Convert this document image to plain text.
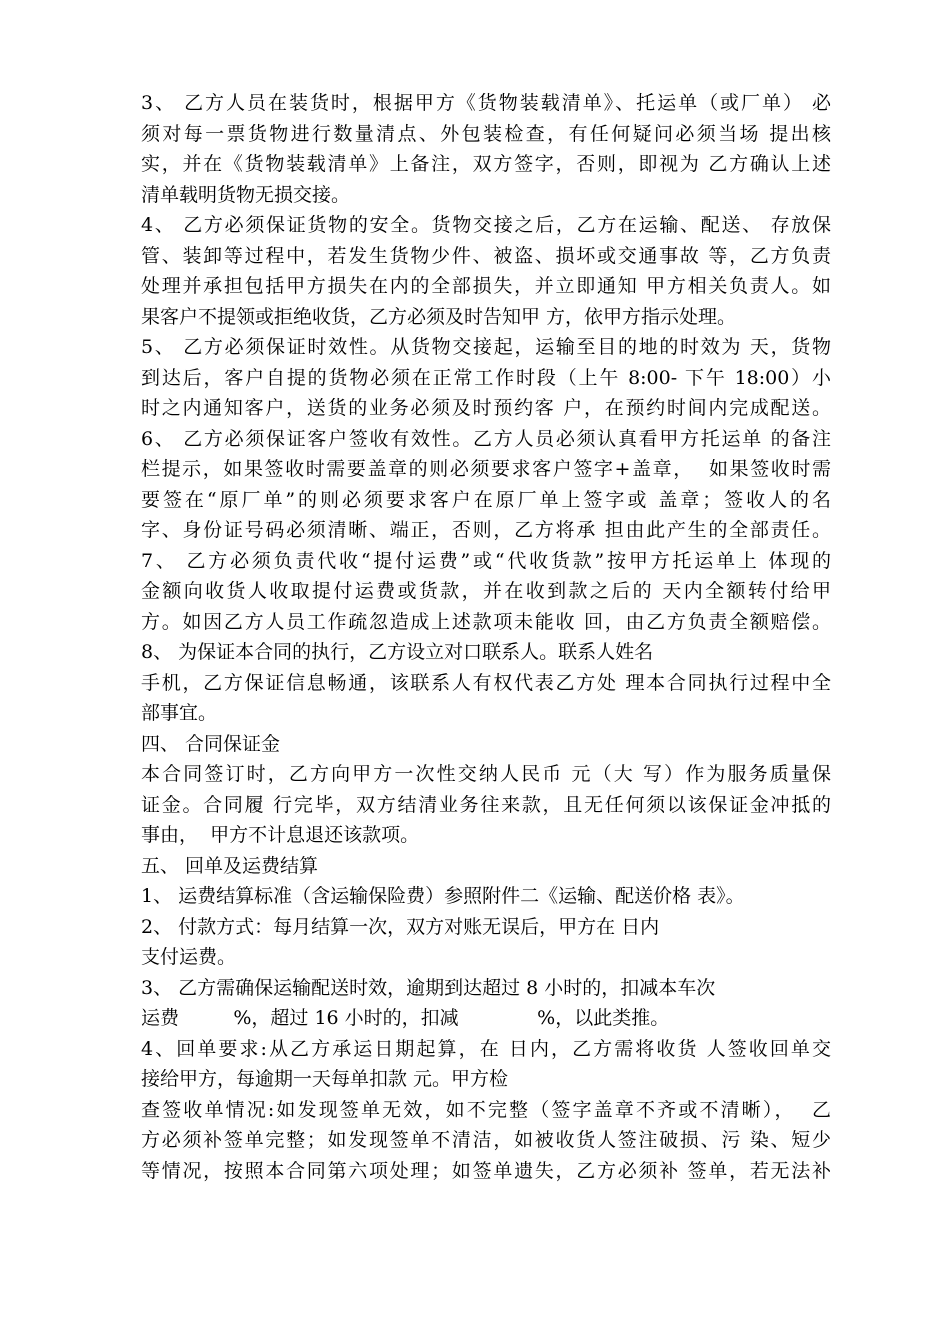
3、 乙方人员在装货时，根据甲方《货物装载清单》、托运单（或厂单） 必
须对每一票货物进行数量清点、外包装检查，有任何疑问必须当场 提出核
实，并在《货物装载清单》上备注，双方签字，否则，即视为 乙方确认上述
清单载明货物无损交接。
4、 乙方必须保证货物的安全。货物交接之后，乙方在运输、配送、 存放保
管、装卸等过程中，若发生货物少件、被盗、损坏或交通事故 等，乙方负责
处理并承担包括甲方损失在内的全部损失，并立即通知 甲方相关负责人。如
果客户不提领或拒绝收货，乙方必须及时告知甲 方，依甲方指示处理。
5、 乙方必须保证时效性。从货物交接起，运输至目的地的时效为 天，货物
到达后，客户自提的货物必须在正常工作时段（上午 8:00- 下午 18:00）小
时之内通知客户，送货的业务必须及时预约客 户，在预约时间内完成配送。
6、 乙方必须保证客户签收有效性。乙方人员必须认真看甲方托运单 的备注
栏提示，如果签收时需要盖章的则必须要求客户签字+盖章，  如果签收时需
要签在“原厂单”的则必须要求客户在原厂单上签字或 盖章；签收人的名
字、身份证号码必须清晰、端正，否则，乙方将承 担由此产生的全部责任。
7、 乙方必须负责代收“提付运费”或“代收货款”按甲方托运单上 体现的
金额向收货人收取提付运费或货款，并在收到款之后的 天内全额转付给甲
方。如因乙方人员工作疏忽造成上述款项未能收 回，由乙方负责全额赔偿。
8、 为保证本合同的执行，乙方设立对口联系人。联系人姓名
手机，乙方保证信息畅通，该联系人有权代表乙方处 理本合同执行过程中全
部事宜。
四、 合同保证金
本合同签订时，乙方向甲方一次性交纳人民币 元（大 写）作为服务质量保
证金。合同履 行完毕，双方结清业务往来款，且无任何须以该保证金冲抵的
事由，  甲方不计息退还该款项。
五、 回单及运费结算
1、 运费结算标准（含运输保险费）参照附件二《运输、配送价格 表》。
2、 付款方式：每月结算一次，双方对账无误后，甲方在 日内
支付运费。
3、 乙方需确保运输配送时效，逾期到达超过 8 小时的，扣减本车次
运费         %，超过 16 小时的，扣减             %，以此类推。
4、回单要求:从乙方承运日期起算，在 日内，乙方需将收货 人签收回单交
接给甲方，每逾期一天每单扣款 元。甲方检
查签收单情况:如发现签单无效，如不完整（签字盖章不齐或不清晰），  乙
方必须补签单完整；如发现签单不清洁，如被收货人签注破损、污 染、短少
等情况，按照本合同第六项处理；如签单遗失，乙方必须补 签单，若无法补
